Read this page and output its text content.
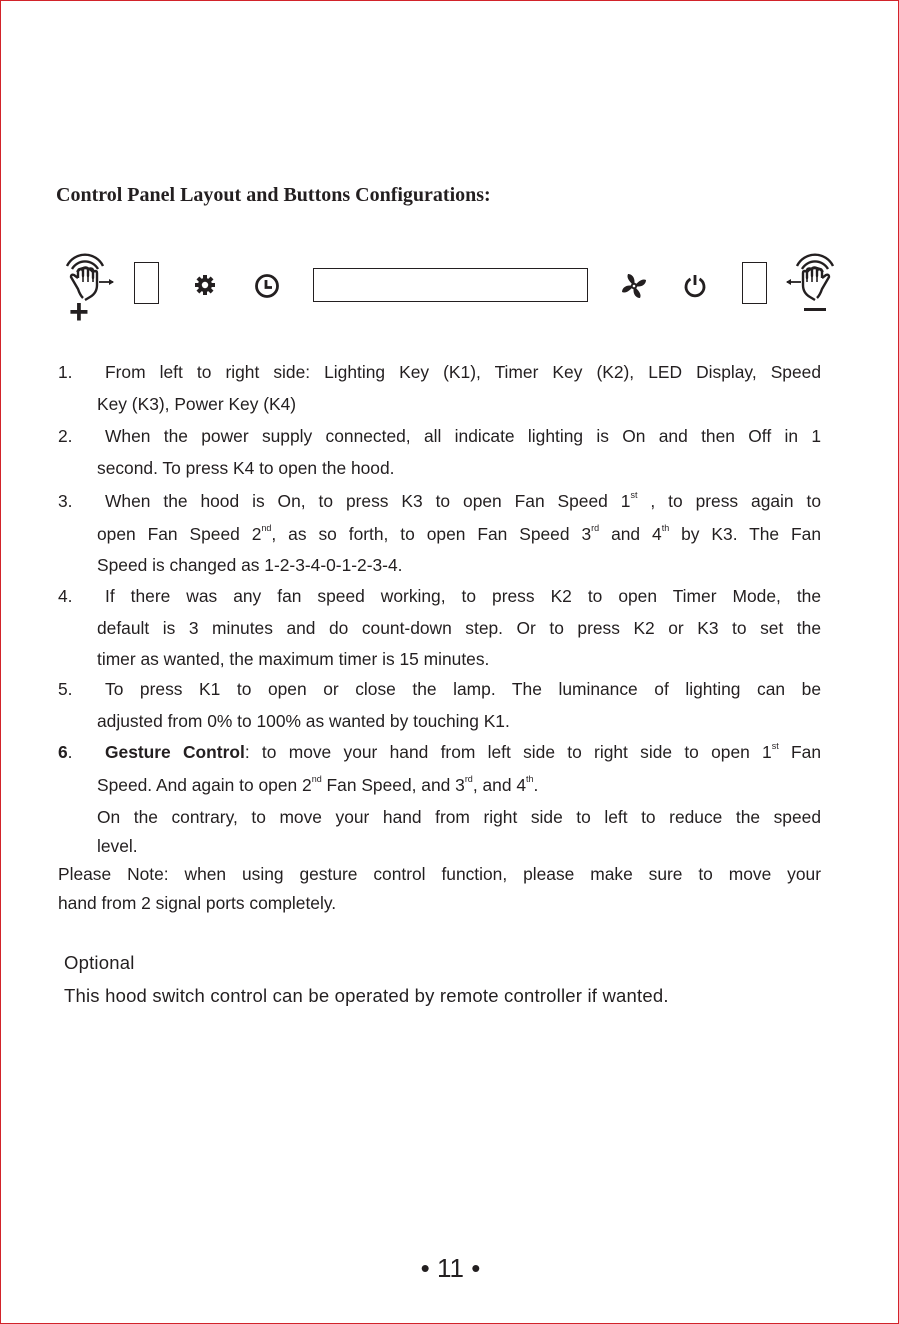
Control Panel Layout and Buttons Configurations:
+
1.	From left to right side: Lighting Key (K1), Timer Key (K2), LED Display, Speed
Key (K3), Power Key (K4)
2.	When the power supply connected, all indicate lighting is On and then Off in 1
second. To press K4 to open the hood.
3.	When the hood is On, to press K3 to open Fan Speed 1st , to press again to
open Fan Speed 2nd, as so forth, to open Fan Speed 3rd and 4th by K3. The Fan
Speed is changed as 1-2-3-4-0-1-2-3-4.
4.	If there was any fan speed working, to press K2 to open Timer Mode, the
default is 3 minutes and do count-down step. Or to press K2 or K3 to set the
timer as wanted, the maximum timer is 15 minutes.
5.	To press K1 to open or close the lamp. The luminance of lighting can be
adjusted from 0% to 100% as wanted by touching K1.
6.	Gesture Control: to move your hand from left side to right side to open 1st Fan
Speed. And again to open 2nd Fan Speed, and 3rd, and 4th.
On the contrary, to move your hand from right side to left to reduce the speed
level.
Please Note: when using gesture control function, please make sure to move your
hand from 2 signal ports completely.
Optional
This hood switch control can be operated by remote controller if wanted.
• 11 •
